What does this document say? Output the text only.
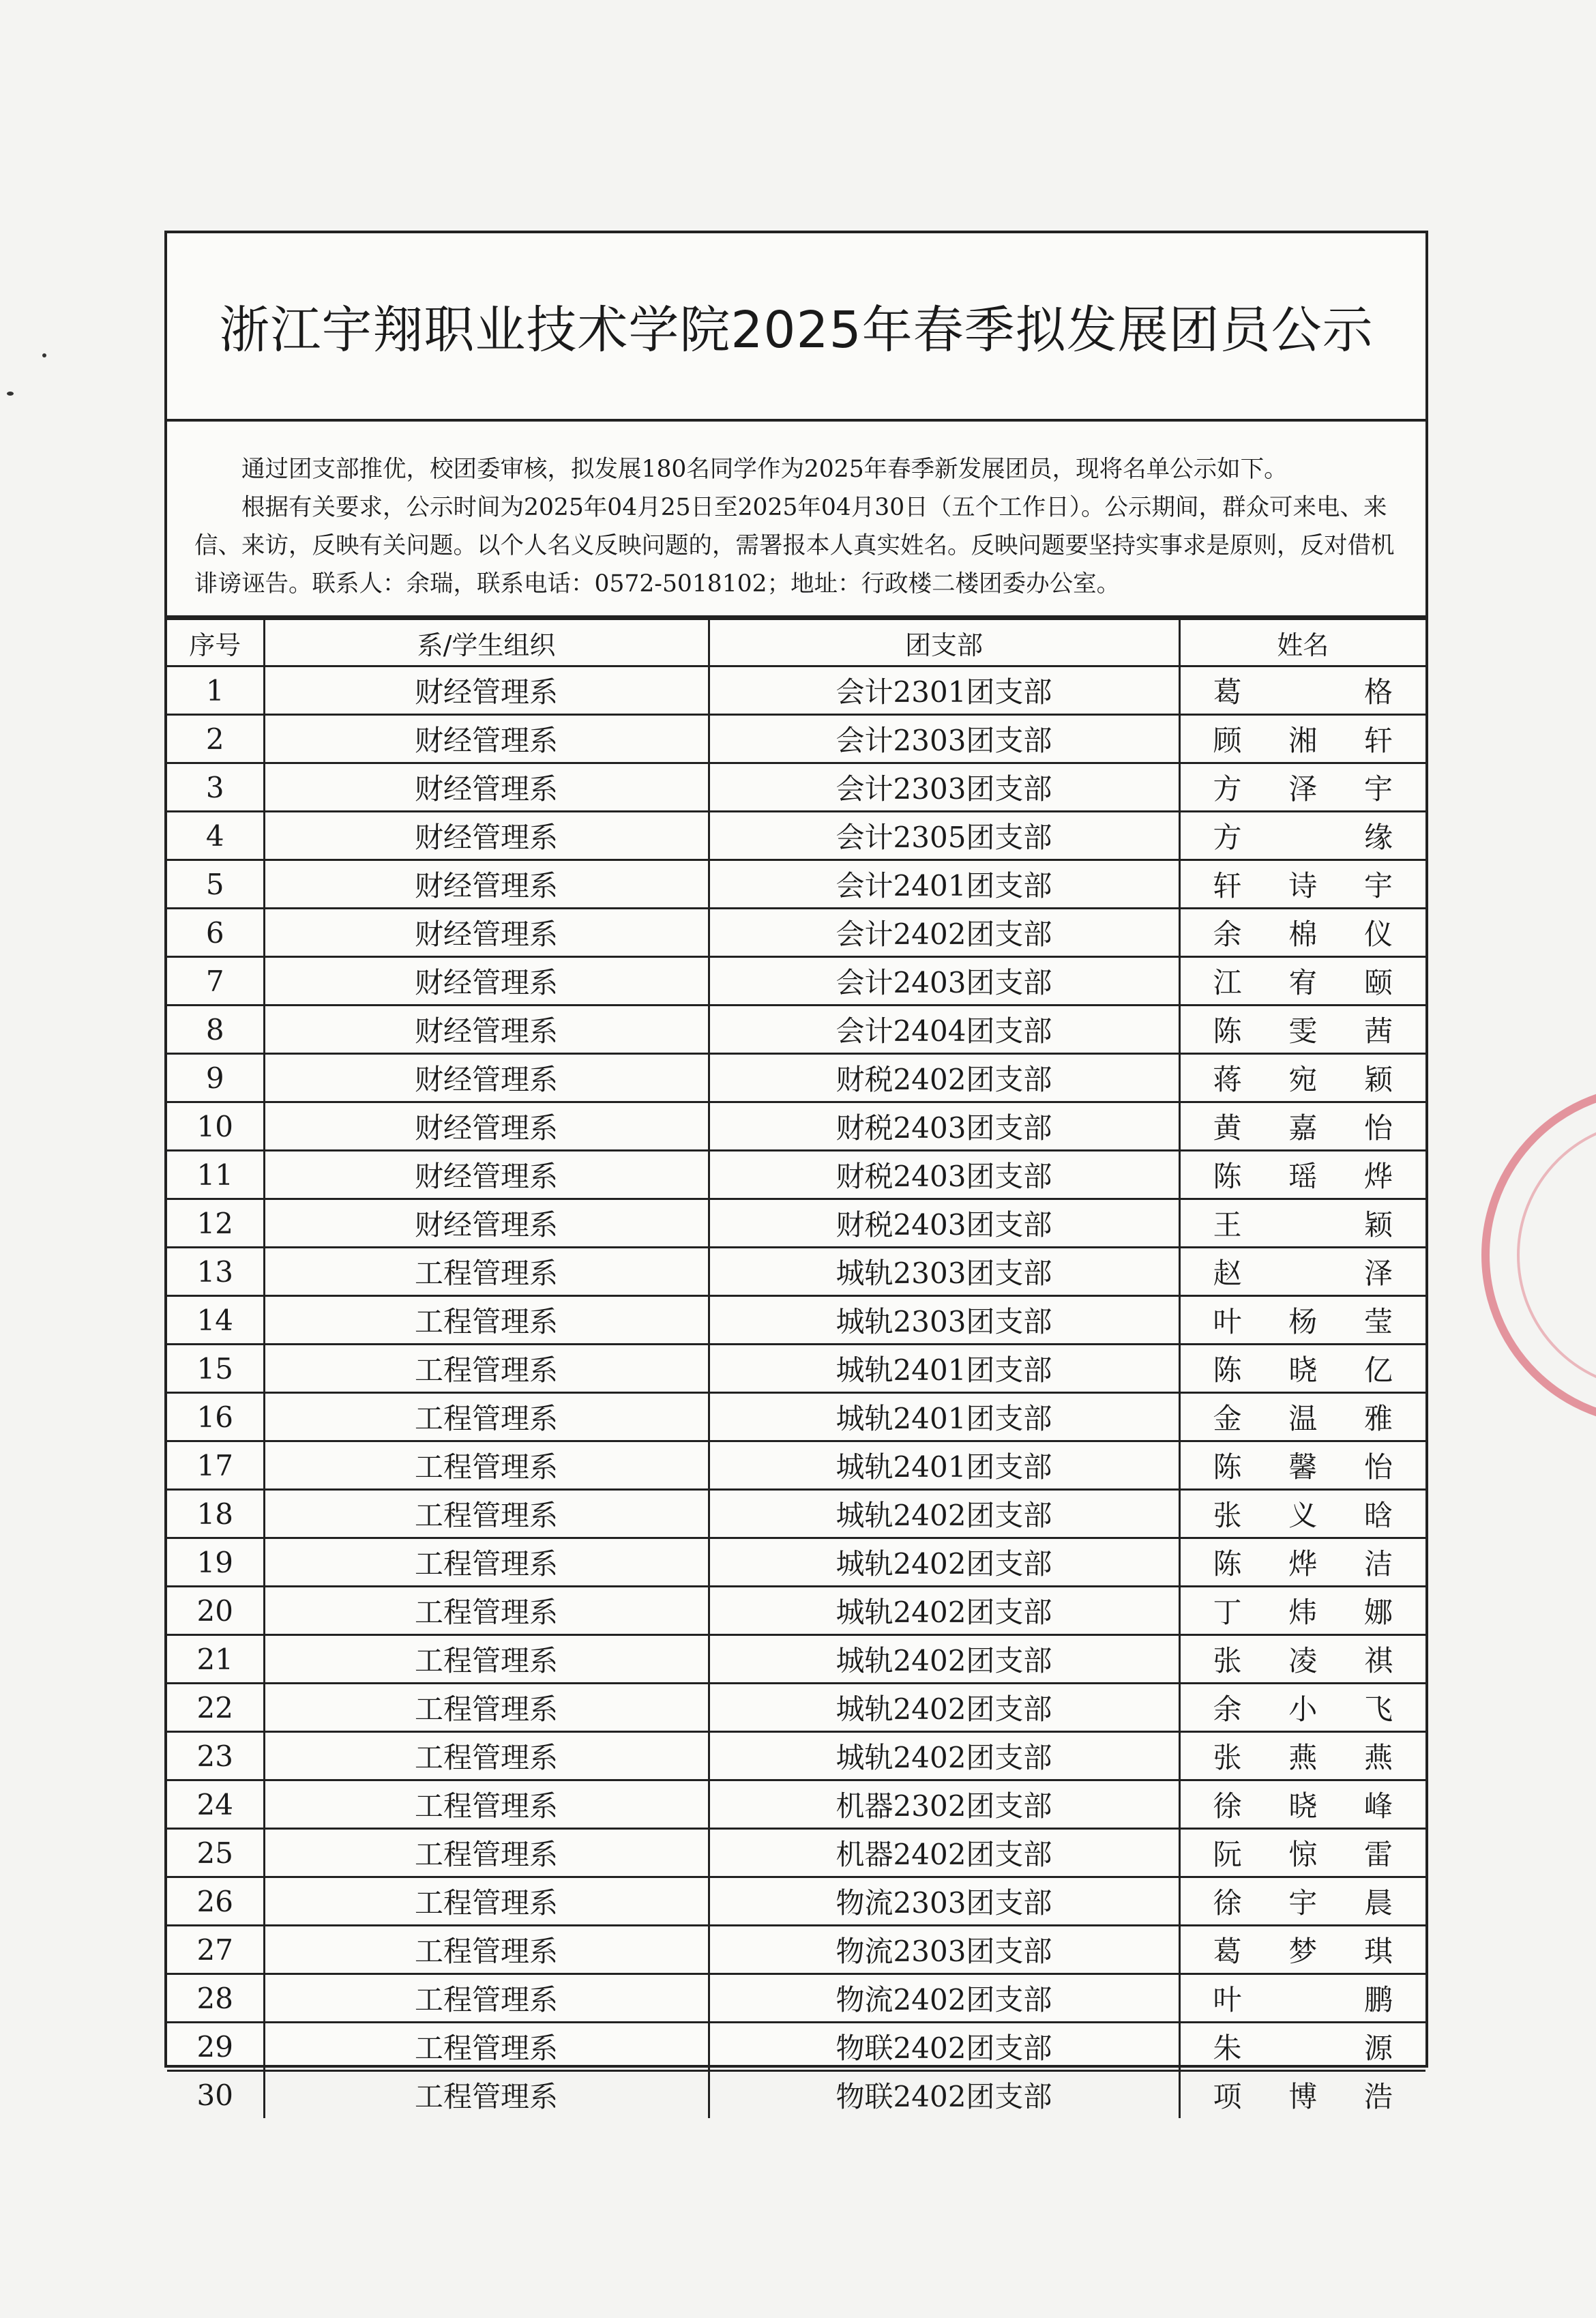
浙江宇翔职业技术学院2025年春季拟发展团员公示

通过团支部推优，校团委审核，拟发展180名同学作为2025年春季新发展团员，现将名单公示如下。

根据有关要求，公示时间为2025年04月25日至2025年04月30日（五个工作日）。公示期间，群众可来电、来信、来访，反映有关问题。以个人名义反映问题的，需署报本人真实姓名。反映问题要坚持实事求是原则，反对借机诽谤诬告。联系人：余瑞，联系电话：0572-5018102；地址：行政楼二楼团委办公室。

序号	系/学生组织	团支部	姓名
1	财经管理系	会计2301团支部	葛 格

2	财经管理系	会计2303团支部	顾 湘 轩

3	财经管理系	会计2303团支部	方 泽 宇

4	财经管理系	会计2305团支部	方 缘

5	财经管理系	会计2401团支部	轩 诗 宇

6	财经管理系	会计2402团支部	余 棉 仪

7	财经管理系	会计2403团支部	江 宥 颐

8	财经管理系	会计2404团支部	陈 雯 茜

9	财经管理系	财税2402团支部	蒋 宛 颖

10	财经管理系	财税2403团支部	黄 嘉 怡

11	财经管理系	财税2403团支部	陈 瑶 烨

12	财经管理系	财税2403团支部	王 颖

13	工程管理系	城轨2303团支部	赵 泽

14	工程管理系	城轨2303团支部	叶 杨 莹

15	工程管理系	城轨2401团支部	陈 晓 亿

16	工程管理系	城轨2401团支部	金 温 雅

17	工程管理系	城轨2401团支部	陈 馨 怡

18	工程管理系	城轨2402团支部	张 义 晗

19	工程管理系	城轨2402团支部	陈 烨 洁

20	工程管理系	城轨2402团支部	丁 炜 娜

21	工程管理系	城轨2402团支部	张 凌 祺

22	工程管理系	城轨2402团支部	余 小 飞

23	工程管理系	城轨2402团支部	张 燕 燕

24	工程管理系	机器2302团支部	徐 晓 峰

25	工程管理系	机器2402团支部	阮 惊 雷

26	工程管理系	物流2303团支部	徐 宇 晨

27	工程管理系	物流2303团支部	葛 梦 琪

28	工程管理系	物流2402团支部	叶 鹏

29	工程管理系	物联2402团支部	朱 源

30	工程管理系	物联2402团支部	项 博 浩
